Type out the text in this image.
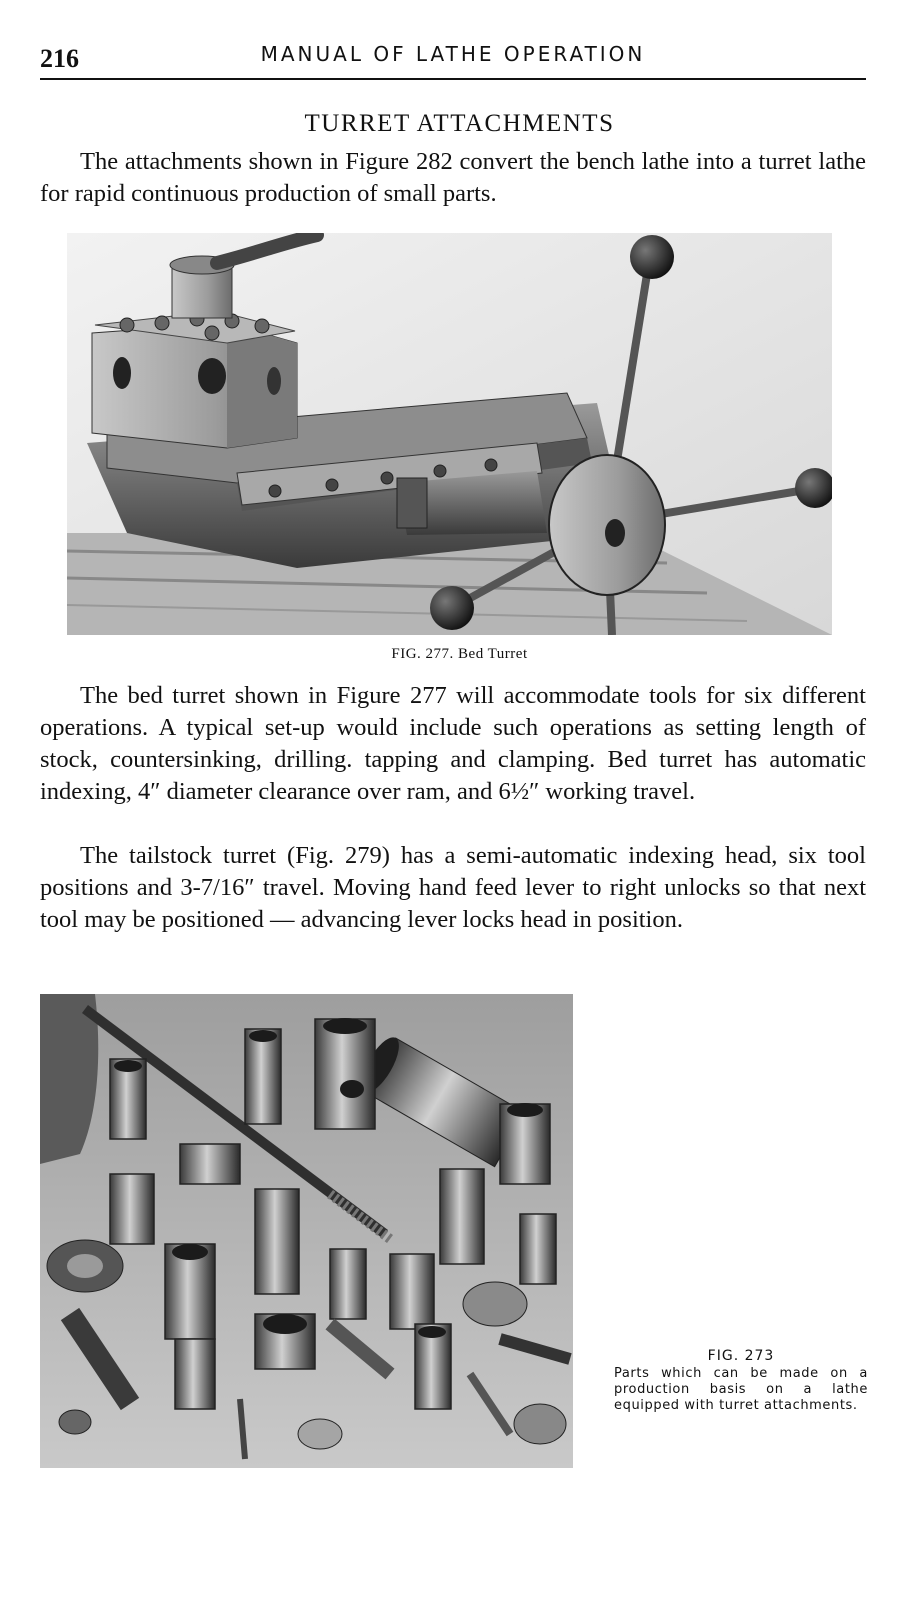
216	MANUAL OF LATHE OPERATION
TURRET ATTACHMENTS

The attachments shown in Figure 282 convert the bench lathe into a turret lathe for rapid continuous production of small parts.

FIG. 277. Bed Turret

The bed turret shown in Figure 277 will accommodate tools for six different operations. A typical set-up would include such operations as setting length of stock, countersinking, drilling. tapping and clamping. Bed turret has automatic indexing, 4″ diameter clearance over ram, and 6½″ working travel.

The tailstock turret (Fig. 279) has a semi-automatic indexing head, six tool positions and 3-7/16″ travel. Moving hand feed lever to right unlocks so that next tool may be positioned — advancing lever locks head in position.

FIG. 273
Parts which can be made on a production basis on a lathe equipped with turret attachments.
